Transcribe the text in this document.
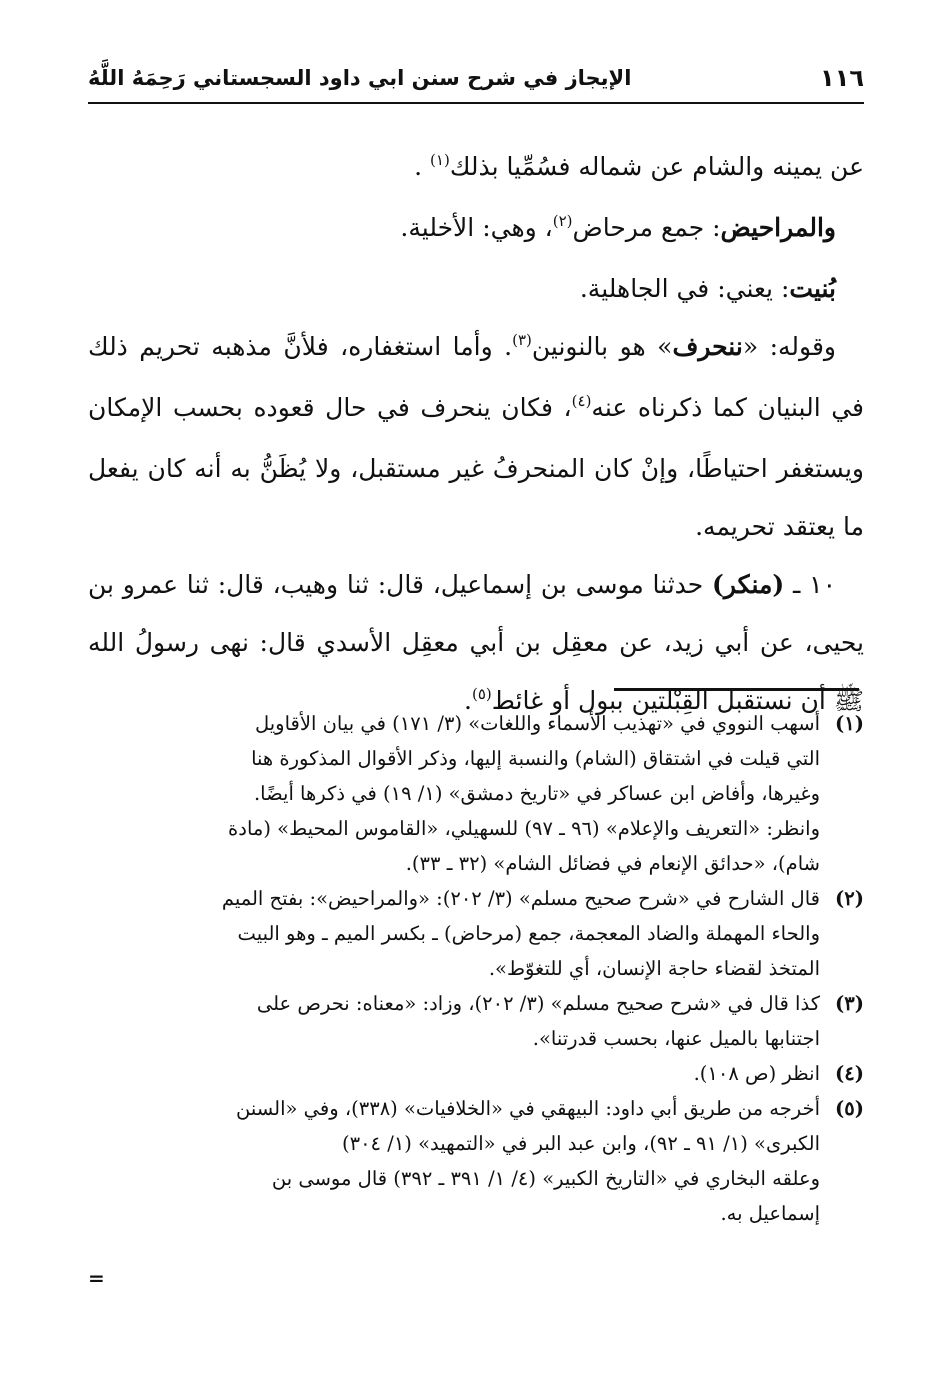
١١٦
الإيجاز في شرح سنن ابي داود السجستاني رَحِمَهُ اللَّهُ

عن يمينه والشام عن شماله فسُمِّيا بذلك$^{(١)}$ .

والمراحيض: جمع مرحاض$^{(٢)}$، وهي: الأخلية.

بُنيت: يعني: في الجاهلية.

وقوله: «ننحرف» هو بالنونين$^{(٣)}$. وأما استغفاره، فلأنَّ مذهبه تحريم ذلك في البنيان كما ذكرناه عنه$^{(٤)}$، فكان ينحرف في حال قعوده بحسب الإمكان ويستغفر احتياطًا، وإنْ كان المنحرفُ غير مستقبل، ولا يُظَنُّ به أنه كان يفعل ما يعتقد تحريمه.

١٠ ـ (منكر) حدثنا موسى بن إسماعيل، قال: ثنا وهيب، قال: ثنا عمرو بن يحيى، عن أبي زيد، عن معقِل بن أبي معقِل الأسدي قال: نهى رسولُ الله ﷺ أن نستقبل القِبْلتين ببول أو غائط$^{(٥)}$.

(١)
أسهب النووي في «تهذيب الأسماء واللغات» (٣/ ١٧١) في بيان الأقاويل
التي قيلت في اشتقاق (الشام) والنسبة إليها، وذكر الأقوال المذكورة هنا
وغيرها، وأفاض ابن عساكر في «تاريخ دمشق» (١/ ١٩) في ذكرها أيضًا.
وانظر: «التعريف والإعلام» (٩٦ ـ ٩٧) للسهيلي، «القاموس المحيط» (مادة
شام)، «حدائق الإنعام في فضائل الشام» (٣٢ ـ ٣٣).
(٢)
قال الشارح في «شرح صحيح مسلم» (٣/ ٢٠٢): «والمراحيض»: بفتح الميم
والحاء المهملة والضاد المعجمة، جمع (مرحاض) ـ بكسر الميم ـ وهو البيت
المتخذ لقضاء حاجة الإنسان، أي للتغوّط».
(٣)
كذا قال في «شرح صحيح مسلم» (٣/ ٢٠٢)، وزاد: «معناه: نحرص على
اجتنابها بالميل عنها، بحسب قدرتنا».
(٤)
انظر (ص ١٠٨).
(٥)
أخرجه من طريق أبي داود: البيهقي في «الخلافيات» (٣٣٨)، وفي «السنن
الكبرى» (١/ ٩١ ـ ٩٢)، وابن عبد البر في «التمهيد» (١/ ٣٠٤)
وعلقه البخاري في «التاريخ الكبير» (٤/ ١/ ٣٩١ ـ ٣٩٢) قال موسى بن
إسماعيل به.
=
